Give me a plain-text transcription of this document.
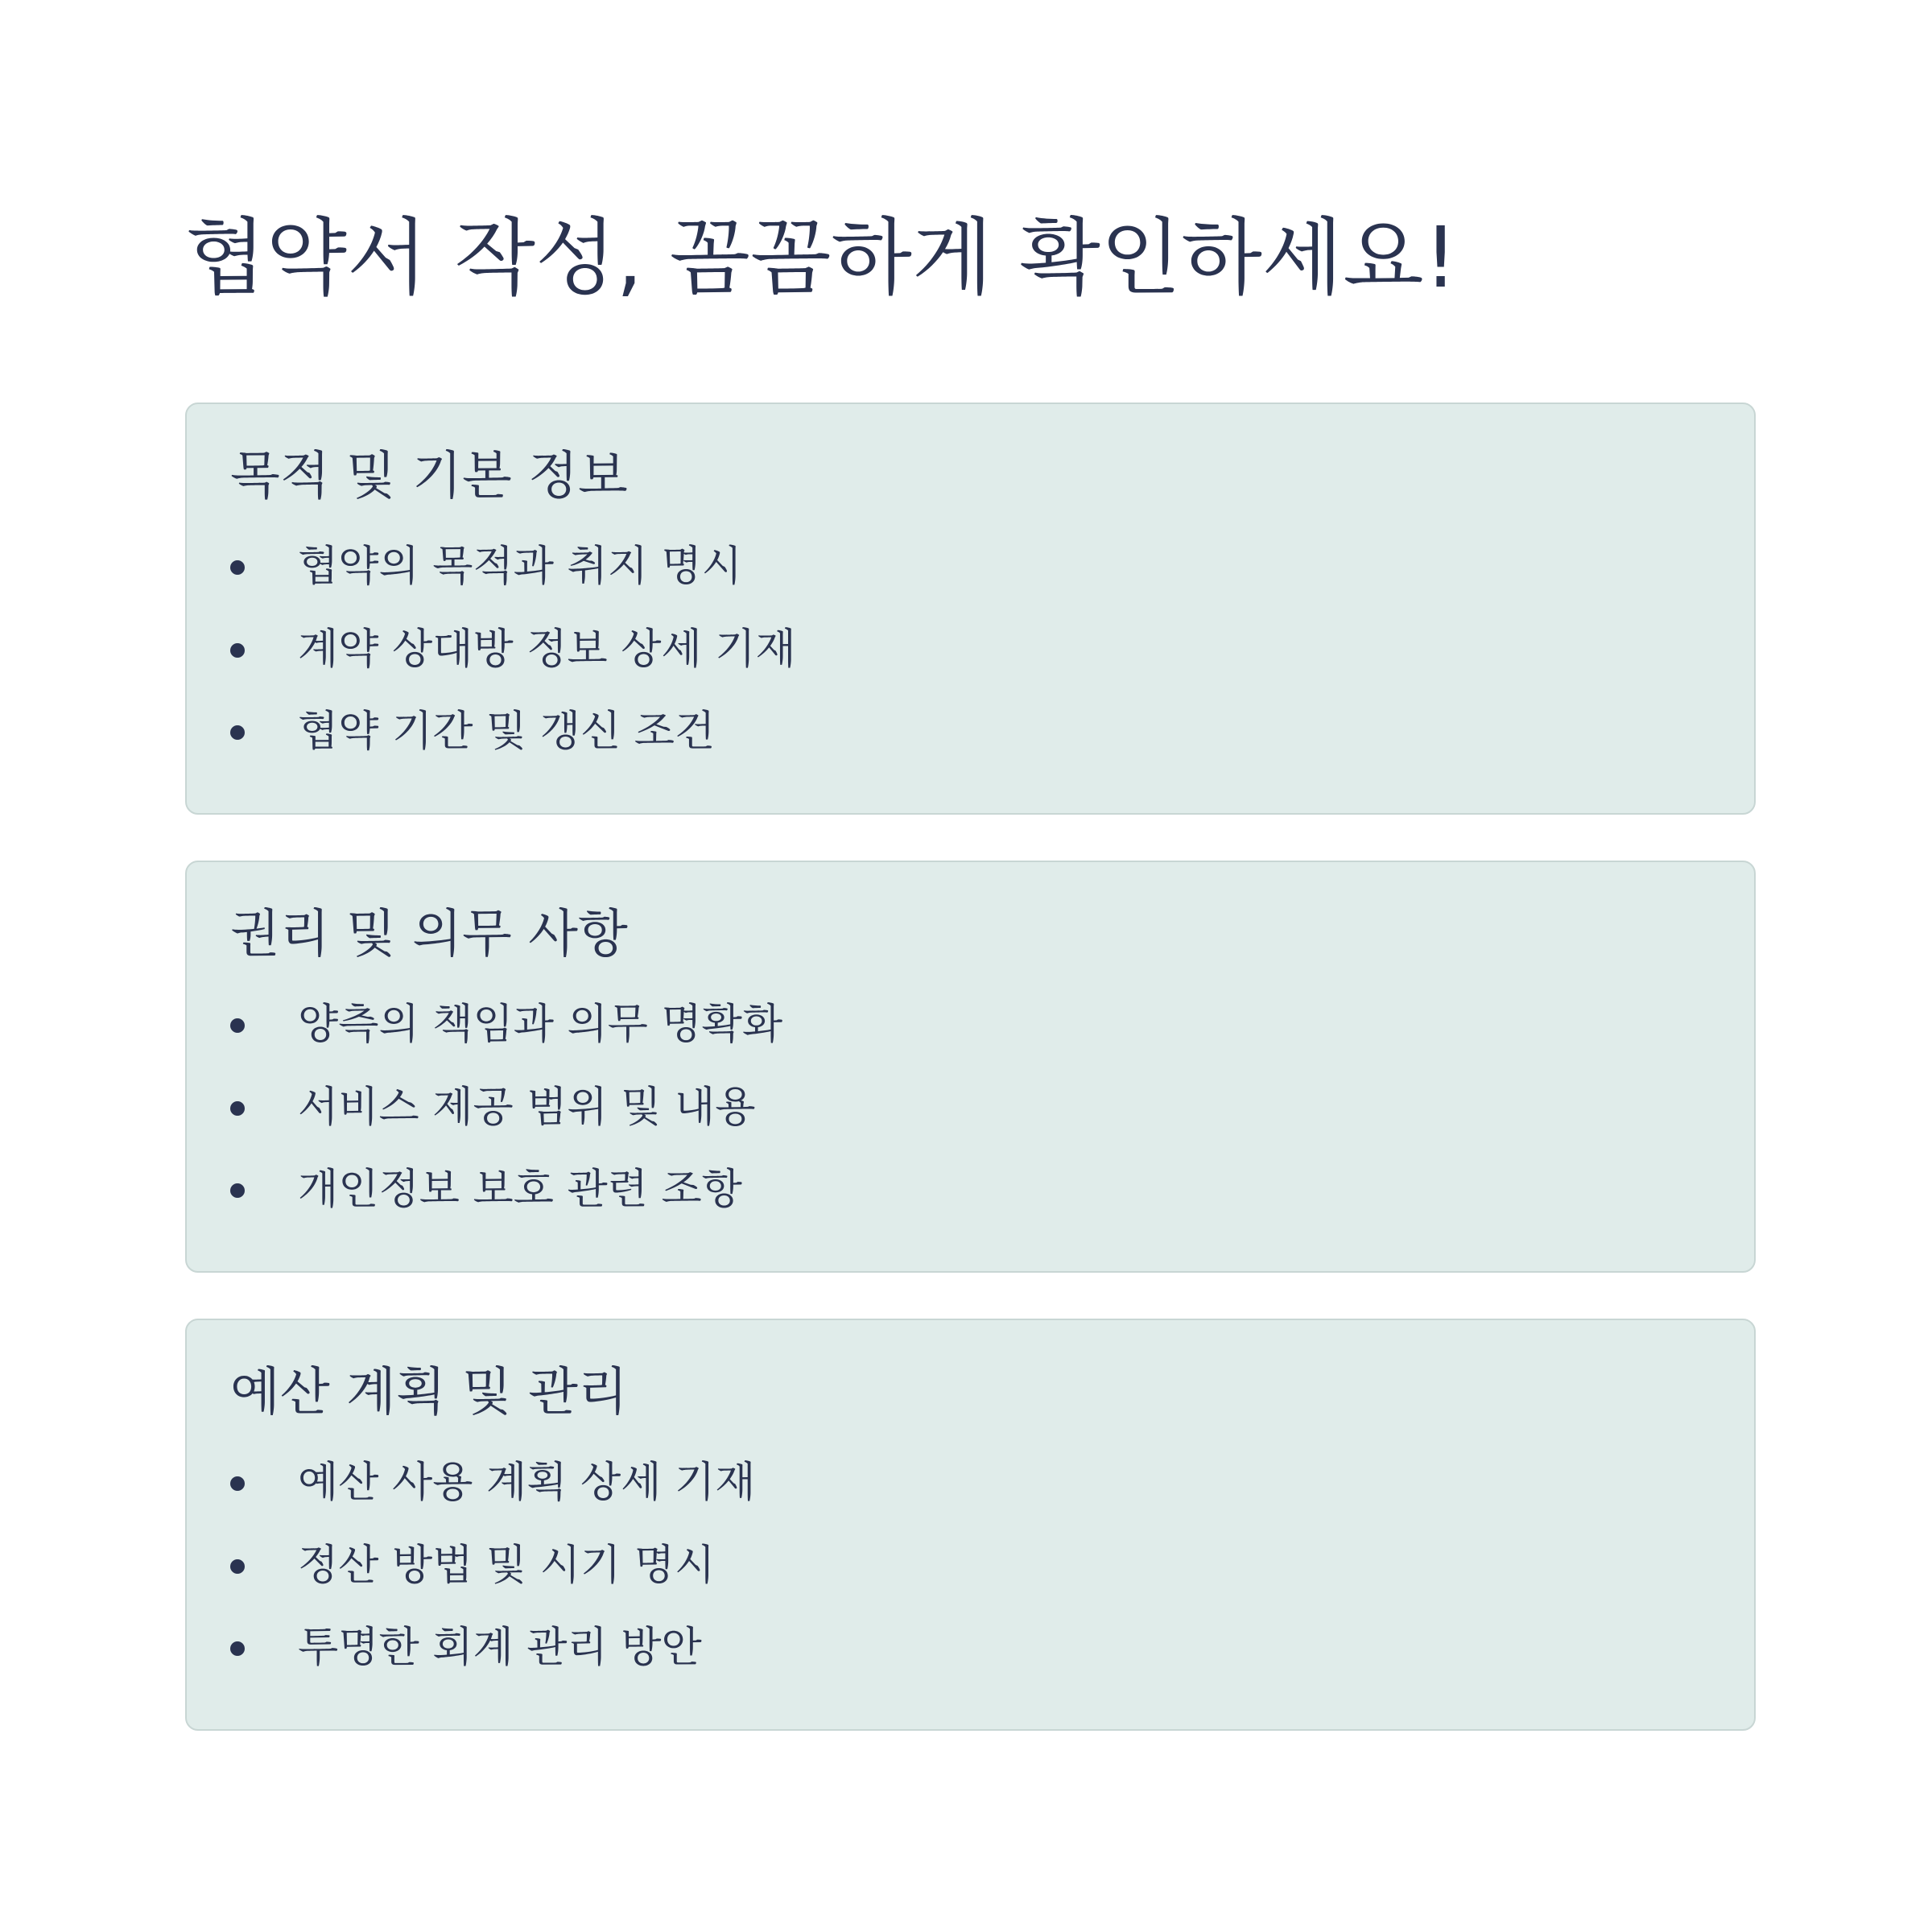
협약서 작성, 꼼꼼하게 확인하세요!
목적 및 기본 정보
협약의 목적과 취지 명시
계약 상대방 정보 상세 기재
협약 기간 및 갱신 조건
권리 및 의무 사항
양측의 책임과 의무 명확화
서비스 제공 범위 및 내용
개인정보 보호 관련 조항
예산 계획 및 관리
예산 사용 계획 상세 기재
정산 방법 및 시기 명시
투명한 회계 관리 방안
